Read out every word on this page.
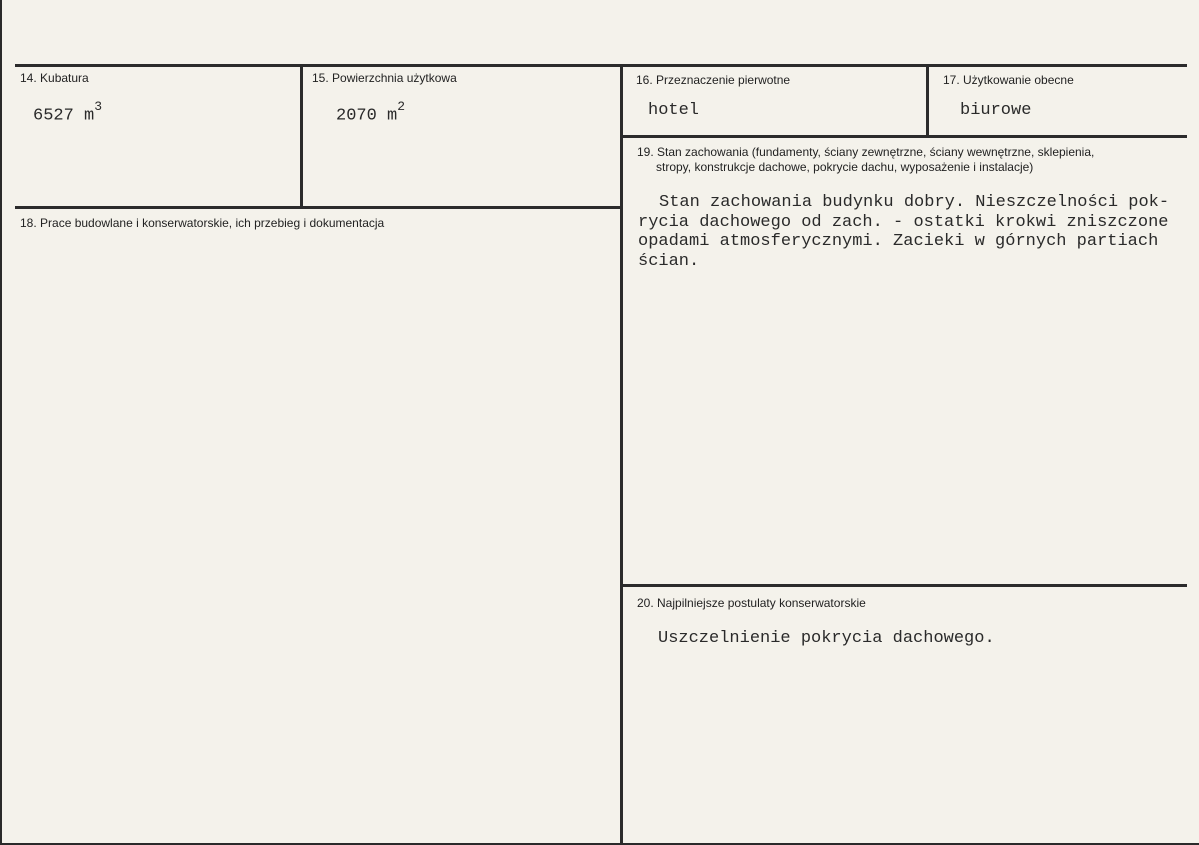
14. Kubatura
6527 $m^3$
15. Powierzchnia użytkowa
2070 $m^2$
16. Przeznaczenie pierwotne
hotel
17. Użytkowanie obecne
biurowe
18. Prace budowlane i konserwatorskie, ich przebieg i dokumentacja
19. Stan zachowania (fundamenty, ściany zewnętrzne, ściany wewnętrzne, sklepienia,
stropy, konstrukcje dachowe, pokrycie dachu, wyposażenie i instalacje)
Stan zachowania budynku dobry. Nieszczelności pok-
rycia dachowego od zach. - ostatki krokwi zniszczone
opadami atmosferycznymi. Zacieki w górnych partiach
ścian.
20. Najpilniejsze postulaty konserwatorskie
Uszczelnienie pokrycia dachowego.
